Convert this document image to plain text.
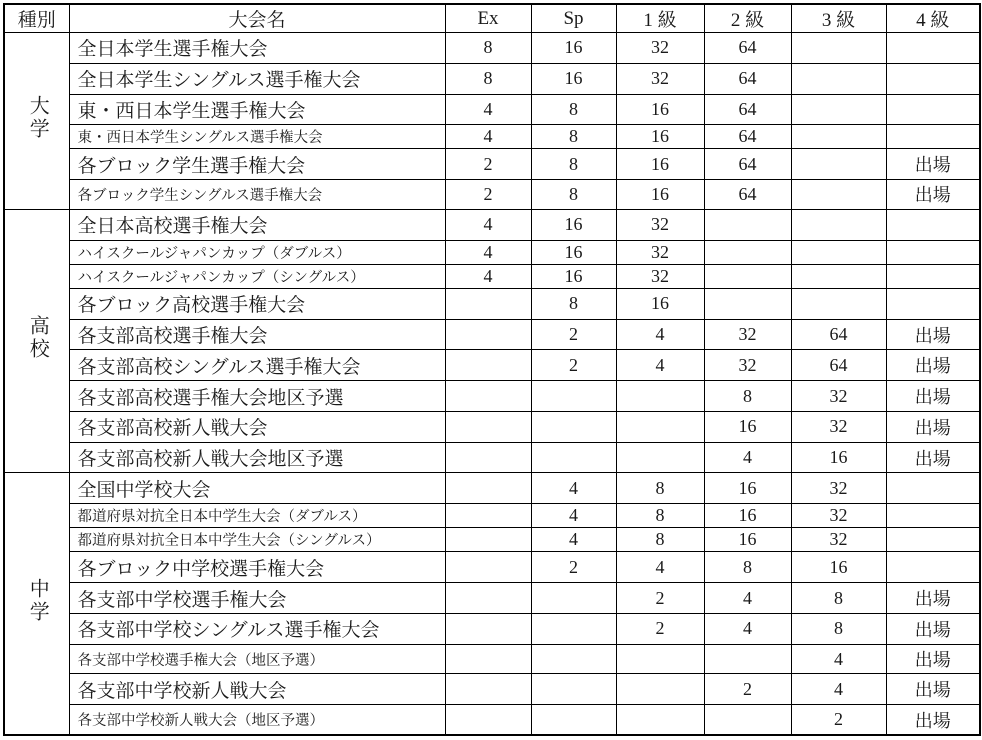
種別	大会名	Ex	Sp	1 級	2 級	3 級	4 級
大学	全日本学生選手権大会	8	16	32	64		
	全日本学生シングルス選手権大会	8	16	32	64		
	東・西日本学生選手権大会	4	8	16	64		
	東・西日本学生シングルス選手権大会	4	8	16	64		
	各ブロック学生選手権大会	2	8	16	64		出場
	各ブロック学生シングルス選手権大会	2	8	16	64		出場
高校	全日本高校選手権大会	4	16	32			
	ハイスクールジャパンカップ（ダブルス）	4	16	32			
	ハイスクールジャパンカップ（シングルス）	4	16	32			
	各ブロック高校選手権大会		8	16			
	各支部高校選手権大会		2	4	32	64	出場
	各支部高校シングルス選手権大会		2	4	32	64	出場
	各支部高校選手権大会地区予選				8	32	出場
	各支部高校新人戦大会				16	32	出場
	各支部高校新人戦大会地区予選				4	16	出場
中学	全国中学校大会		4	8	16	32	
	都道府県対抗全日本中学生大会（ダブルス）		4	8	16	32	
	都道府県対抗全日本中学生大会（シングルス）		4	8	16	32	
	各ブロック中学校選手権大会		2	4	8	16	
	各支部中学校選手権大会			2	4	8	出場
	各支部中学校シングルス選手権大会			2	4	8	出場
	各支部中学校選手権大会（地区予選）					4	出場
	各支部中学校新人戦大会				2	4	出場
	各支部中学校新人戦大会（地区予選）					2	出場
